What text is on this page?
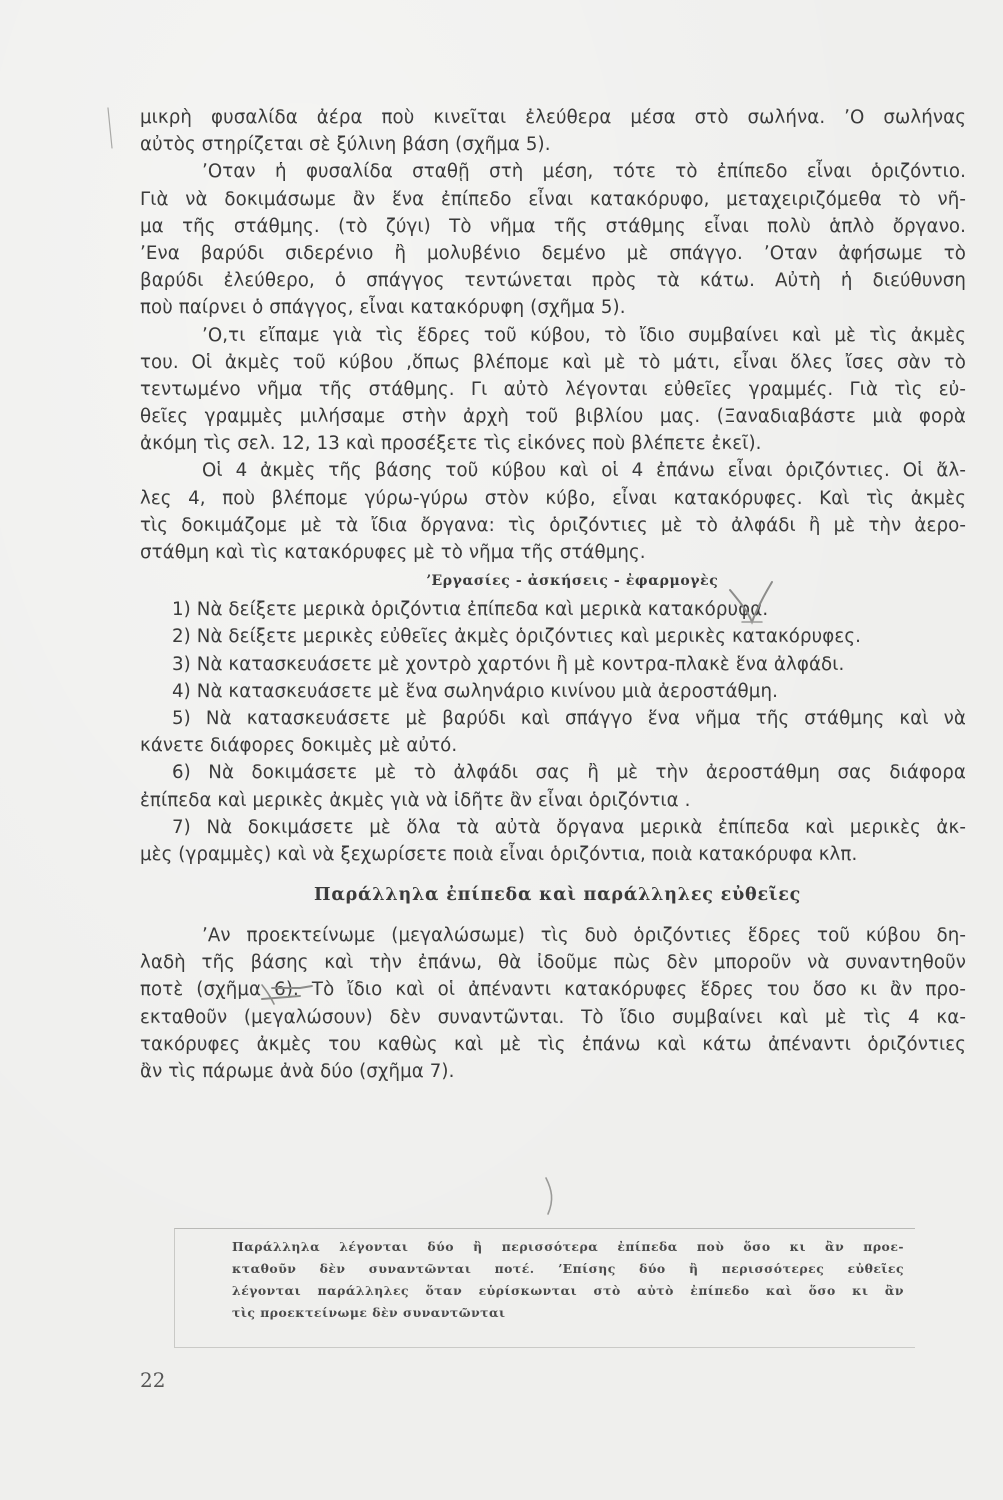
μικρὴ φυσαλίδα ἀέρα ποὺ κινεῖται ἐλεύθερα μέσα στὸ σωλήνα. ʼΟ σωλήνας
αὐτὸς στηρίζεται σὲ ξύλινη βάση (σχῆμα 5).
ʼΟταν ἡ φυσαλίδα σταθῇ στὴ μέση, τότε τὸ ἐπίπεδο εἶναι ὁριζόντιο.
Γιὰ νὰ δοκιμάσωμε ἂν ἕνα ἐπίπεδο εἶναι κατακόρυφο, μεταχειριζόμεθα τὸ νῆ-
μα τῆς στάθμης. (τὸ ζύγι) Τὸ νῆμα τῆς στάθμης εἶναι πολὺ ἁπλὸ ὄργανο.
ʼΕνα βαρύδι σιδερένιο ἢ μολυβένιο δεμένο μὲ σπάγγο. ʼΟταν ἀφήσωμε τὸ
βαρύδι ἐλεύθερο, ὁ σπάγγος τεντώνεται πρὸς τὰ κάτω. Αὐτὴ ἡ διεύθυνση
ποὺ παίρνει ὁ σπάγγος, εἶναι κατακόρυφη (σχῆμα 5).
ʼΟ,τι εἴπαμε γιὰ τὶς ἕδρες τοῦ κύβου, τὸ ἴδιο συμβαίνει καὶ μὲ τὶς ἀκμὲς
του. Οἱ ἀκμὲς τοῦ κύβου ,ὅπως βλέπομε καὶ μὲ τὸ μάτι, εἶναι ὅλες ἴσες σὰν τὸ
τεντωμένο νῆμα τῆς στάθμης. Γι αὐτὸ λέγονται εὐθεῖες γραμμές. Γιὰ τὶς εὐ-
θεῖες γραμμὲς μιλήσαμε στὴν ἀρχὴ τοῦ βιβλίου μας. (Ξαναδιαβάστε μιὰ φορὰ
ἀκόμη τὶς σελ. 12, 13 καὶ προσέξετε τὶς εἰκόνες ποὺ βλέπετε ἐκεῖ).
Οἱ 4 ἀκμὲς τῆς βάσης τοῦ κύβου καὶ οἱ 4 ἐπάνω εἶναι ὁριζόντιες. Οἱ ἄλ-
λες 4, ποὺ βλέπομε γύρω-γύρω στὸν κύβο, εἶναι κατακόρυφες. Καὶ τὶς ἀκμὲς
τὶς δοκιμάζομε μὲ τὰ ἴδια ὄργανα: τὶς ὁριζόντιες μὲ τὸ ἀλφάδι ἢ μὲ τὴν ἀερο-
στάθμη καὶ τὶς κατακόρυφες μὲ τὸ νῆμα τῆς στάθμης.
ʼΕργασίες - ἀσκήσεις - ἐφαρμογὲς
1) Νὰ δείξετε μερικὰ ὁριζόντια ἐπίπεδα καὶ μερικὰ κατακόρυφα.
2) Νὰ δείξετε μερικὲς εὐθεῖες ἀκμὲς ὁριζόντιες καὶ μερικὲς κατακόρυφες.
3) Νὰ κατασκευάσετε μὲ χοντρὸ χαρτόνι ἢ μὲ κοντρα-πλακὲ ἕνα ἀλφάδι.
4) Νὰ κατασκευάσετε μὲ ἕνα σωληνάριο κινίνου μιὰ ἀεροστάθμη.
5) Νὰ κατασκευάσετε μὲ βαρύδι καὶ σπάγγο ἕνα νῆμα τῆς στάθμης καὶ νὰ
κάνετε διάφορες δοκιμὲς μὲ αὐτό.
6) Νὰ δοκιμάσετε μὲ τὸ ἀλφάδι σας ἢ μὲ τὴν ἀεροστάθμη σας διάφορα
ἐπίπεδα καὶ μερικὲς ἀκμὲς γιὰ νὰ ἰδῆτε ἂν εἶναι ὁριζόντια .
7) Νὰ δοκιμάσετε μὲ ὅλα τὰ αὐτὰ ὄργανα μερικὰ ἐπίπεδα καὶ μερικὲς ἀκ-
μὲς (γραμμὲς) καὶ νὰ ξεχωρίσετε ποιὰ εἶναι ὁριζόντια, ποιὰ κατακόρυφα κλπ.
Παράλληλα ἐπίπεδα καὶ παράλληλες εὐθεῖες
ʼΑν προεκτείνωμε (μεγαλώσωμε) τὶς δυὸ ὁριζόντιες ἕδρες τοῦ κύβου δη-
λαδὴ τῆς βάσης καὶ τὴν ἐπάνω, θὰ ἰδοῦμε πὼς δὲν μποροῦν νὰ συναντηθοῦν
ποτὲ (σχῆμα 6). Τὸ ἴδιο καὶ οἱ ἀπέναντι κατακόρυφες ἕδρες του ὅσο κι ἂν προ-
εκταθοῦν (μεγαλώσουν) δὲν συναντῶνται. Τὸ ἴδιο συμβαίνει καὶ μὲ τὶς 4 κα-
τακόρυφες ἀκμὲς του καθὼς καὶ μὲ τὶς ἐπάνω καὶ κάτω ἀπέναντι ὁριζόντιες
ἂν τὶς πάρωμε ἀνὰ δύο (σχῆμα 7).
Παράλληλα λέγονται δύο ἢ περισσότερα ἐπίπεδα ποὺ ὅσο κι ἂν προε-
κταθοῦν δὲν συναντῶνται ποτέ. ʼΕπίσης δύο ἢ περισσότερες εὐθεῖες
λέγονται παράλληλες ὅταν εὑρίσκωνται στὸ αὐτὸ ἐπίπεδο καὶ ὅσο κι ἂν
τὶς προεκτείνωμε δὲν συναντῶνται
22
